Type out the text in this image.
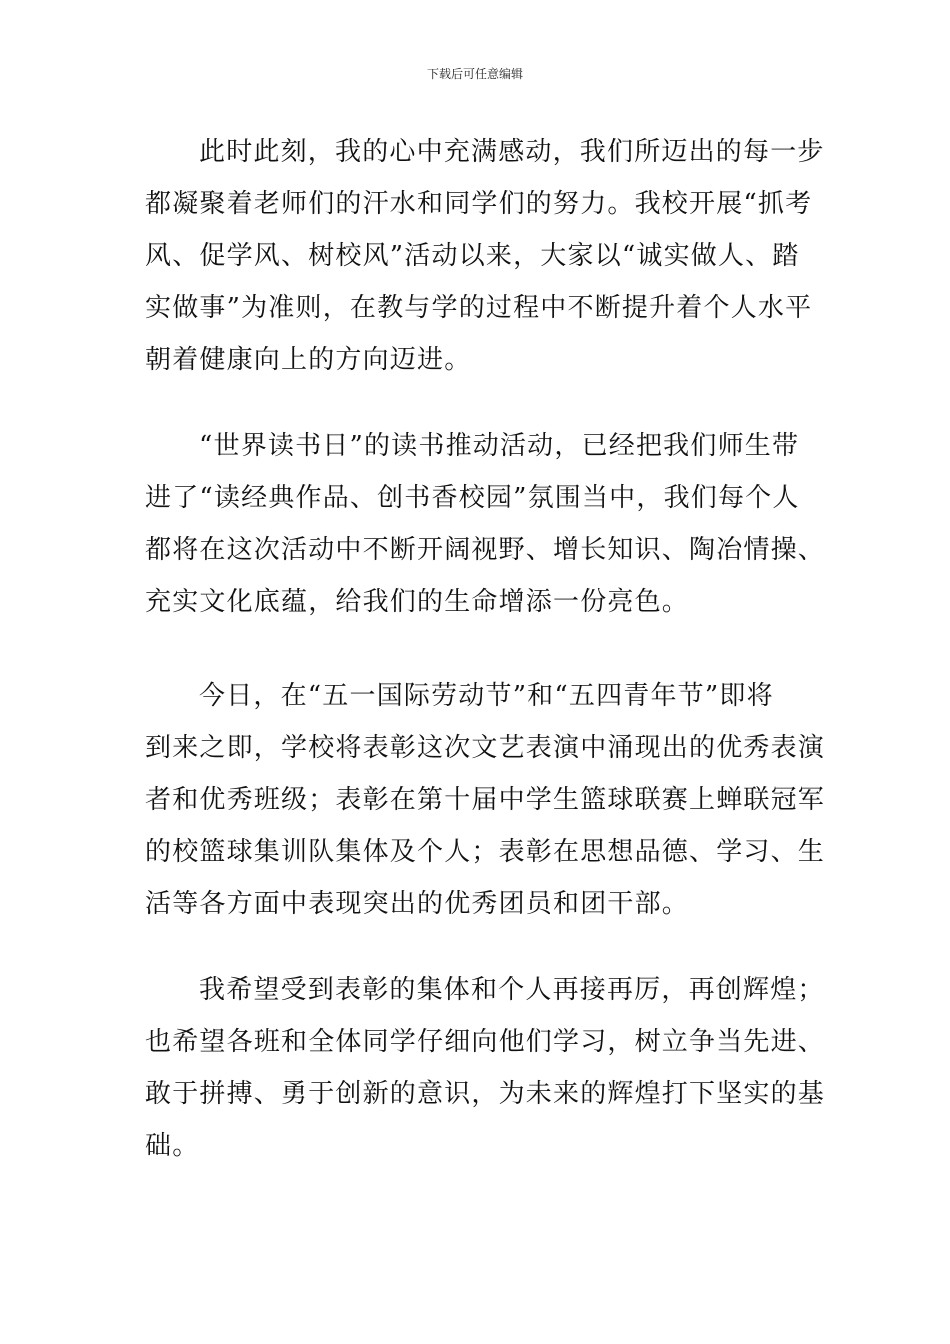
下载后可任意编辑
此时此刻，我的心中充满感动，我们所迈出的每一步
都凝聚着老师们的汗水和同学们的努力。我校开展“抓考
风、促学风、树校风”活动以来，大家以“诚实做人、踏
实做事”为准则，在教与学的过程中不断提升着个人水平
朝着健康向上的方向迈进。
“世界读书日”的读书推动活动，已经把我们师生带
进了“读经典作品、创书香校园”氛围当中，我们每个人
都将在这次活动中不断开阔视野、增长知识、陶冶情操、
充实文化底蕴，给我们的生命增添一份亮色。
今日，在“五一国际劳动节”和“五四青年节”即将
到来之即，学校将表彰这次文艺表演中涌现出的优秀表演
者和优秀班级；表彰在第十届中学生篮球联赛上蝉联冠军
的校篮球集训队集体及个人；表彰在思想品德、学习、生
活等各方面中表现突出的优秀团员和团干部。
我希望受到表彰的集体和个人再接再厉，再创辉煌；
也希望各班和全体同学仔细向他们学习，树立争当先进、
敢于拼搏、勇于创新的意识，为未来的辉煌打下坚实的基
础。
